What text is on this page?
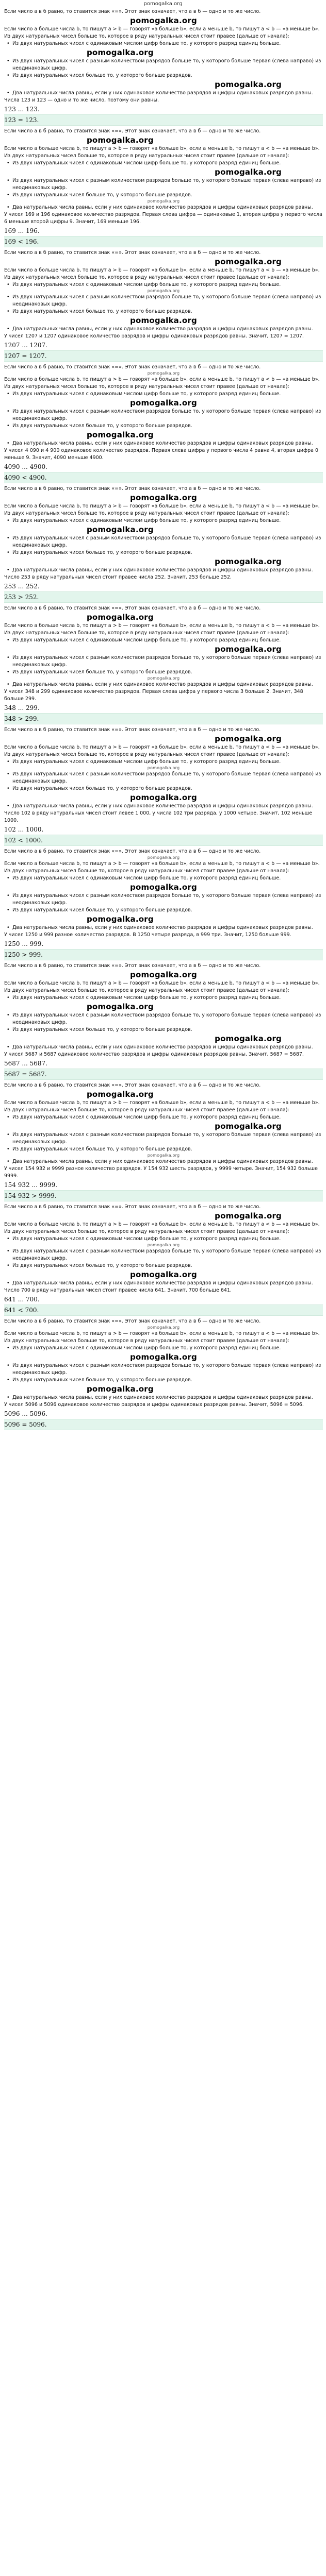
pomogalka.org
Если число a в б равно, то ставится знак «=». Этот знак означает, что a в б — одно и то же число.
pomogalka.org
Если число a больше числа b, то пишут a > b — говорят «a больше b», если a меньше b, то пишут a < b — «a меньше b».
Из двух натуральных чисел больше то, которое в ряду натуральных чисел стоит правее (дальше от начала):
• Из двух натуральных чисел с одинаковым числом цифр больше то, у которого разряд единиц больше.
pomogalka.org
• Из двух натуральных чисел с разным количеством разрядов больше то, у которого больше первая (слева направо) из неодинаковых цифр.
• Из двух натуральных чисел больше то, у которого больше разрядов.
pomogalka.org
• Два натуральных числа равны, если у них одинаковое количество разрядов и цифры одинаковых разрядов равны.
Числа 123 и 123 — одно и то же число, поэтому они равны.
123 ... 123.
123 = 123.
Если число a в б равно, то ставится знак «=». Этот знак означает, что a в б — одно и то же число.
pomogalka.org
Если число a больше числа b, то пишут a > b — говорят «a больше b», если a меньше b, то пишут a < b — «a меньше b».
Из двух натуральных чисел больше то, которое в ряду натуральных чисел стоит правее (дальше от начала):
• Из двух натуральных чисел с одинаковым числом цифр больше то, у которого разряд единиц больше.
pomogalka.org
• Из двух натуральных чисел с разным количеством разрядов больше то, у которого больше первая (слева направо) из неодинаковых цифр.
• Из двух натуральных чисел больше то, у которого больше разрядов.
pomogalka.org
• Два натуральных числа равны, если у них одинаковое количество разрядов и цифры одинаковых разрядов равны.
У чисел 169 и 196 одинаковое количество разрядов. Первая слева цифра — одинаковые 1, вторая цифра у первого числа 6 меньше второй цифры 9. Значит, 169 меньше 196.
169 ... 196.
169 < 196.
Если число a в б равно, то ставится знак «=». Этот знак означает, что a в б — одно и то же число.
pomogalka.org
Если число a больше числа b, то пишут a > b — говорят «a больше b», если a меньше b, то пишут a < b — «a меньше b».
Из двух натуральных чисел больше то, которое в ряду натуральных чисел стоит правее (дальше от начала):
• Из двух натуральных чисел с одинаковым числом цифр больше то, у которого разряд единиц больше.
pomogalka.org
• Из двух натуральных чисел с разным количеством разрядов больше то, у которого больше первая (слева направо) из неодинаковых цифр.
• Из двух натуральных чисел больше то, у которого больше разрядов.
pomogalka.org
• Два натуральных числа равны, если у них одинаковое количество разрядов и цифры одинаковых разрядов равны.
У чисел 1207 и 1207 одинаковое количество разрядов и цифры одинаковых разрядов равны. Значит, 1207 = 1207.
1207 ... 1207.
1207 = 1207.
Если число a в б равно, то ставится знак «=». Этот знак означает, что a в б — одно и то же число.
pomogalka.org
Если число a больше числа b, то пишут a > b — говорят «a больше b», если a меньше b, то пишут a < b — «a меньше b».
Из двух натуральных чисел больше то, которое в ряду натуральных чисел стоит правее (дальше от начала):
• Из двух натуральных чисел с одинаковым числом цифр больше то, у которого разряд единиц больше.
pomogalka.org
• Из двух натуральных чисел с разным количеством разрядов больше то, у которого больше первая (слева направо) из неодинаковых цифр.
• Из двух натуральных чисел больше то, у которого больше разрядов.
pomogalka.org
• Два натуральных числа равны, если у них одинаковое количество разрядов и цифры одинаковых разрядов равны.
У чисел 4 090 и 4 900 одинаковое количество разрядов. Первая слева цифра у первого числа 4 равна 4, вторая цифра 0 меньше 9. Значит, 4090 меньше 4900.
4090 ... 4900.
4090 < 4900.
Если число a в б равно, то ставится знак «=». Этот знак означает, что a в б — одно и то же число.
pomogalka.org
Если число a больше числа b, то пишут a > b — говорят «a больше b», если a меньше b, то пишут a < b — «a меньше b».
Из двух натуральных чисел больше то, которое в ряду натуральных чисел стоит правее (дальше от начала):
• Из двух натуральных чисел с одинаковым числом цифр больше то, у которого разряд единиц больше.
pomogalka.org
• Из двух натуральных чисел с разным количеством разрядов больше то, у которого больше первая (слева направо) из неодинаковых цифр.
• Из двух натуральных чисел больше то, у которого больше разрядов.
pomogalka.org
• Два натуральных числа равны, если у них одинаковое количество разрядов и цифры одинаковых разрядов равны.
Число 253 в ряду натуральных чисел стоит правее числа 252. Значит, 253 больше 252.
253 ... 252.
253 > 252.
Если число a в б равно, то ставится знак «=». Этот знак означает, что a в б — одно и то же число.
pomogalka.org
Если число a больше числа b, то пишут a > b — говорят «a больше b», если a меньше b, то пишут a < b — «a меньше b».
Из двух натуральных чисел больше то, которое в ряду натуральных чисел стоит правее (дальше от начала):
• Из двух натуральных чисел с одинаковым числом цифр больше то, у которого разряд единиц больше.
pomogalka.org
• Из двух натуральных чисел с разным количеством разрядов больше то, у которого больше первая (слева направо) из неодинаковых цифр.
• Из двух натуральных чисел больше то, у которого больше разрядов.
pomogalka.org
• Два натуральных числа равны, если у них одинаковое количество разрядов и цифры одинаковых разрядов равны.
У чисел 348 и 299 одинаковое количество разрядов. Первая слева цифра у первого числа 3 больше 2. Значит, 348 больше 299.
348 ... 299.
348 > 299.
Если число a в б равно, то ставится знак «=». Этот знак означает, что a в б — одно и то же число.
pomogalka.org
Если число a больше числа b, то пишут a > b — говорят «a больше b», если a меньше b, то пишут a < b — «a меньше b».
Из двух натуральных чисел больше то, которое в ряду натуральных чисел стоит правее (дальше от начала):
• Из двух натуральных чисел с одинаковым числом цифр больше то, у которого разряд единиц больше.
pomogalka.org
• Из двух натуральных чисел с разным количеством разрядов больше то, у которого больше первая (слева направо) из неодинаковых цифр.
• Из двух натуральных чисел больше то, у которого больше разрядов.
pomogalka.org
• Два натуральных числа равны, если у них одинаковое количество разрядов и цифры одинаковых разрядов равны.
Число 102 в ряду натуральных чисел стоит левее 1 000, у числа 102 три разряда, у 1000 четыре. Значит, 102 меньше 1000.
102 ... 1000.
102 < 1000.
Если число a в б равно, то ставится знак «=». Этот знак означает, что a в б — одно и то же число.
pomogalka.org
Если число a больше числа b, то пишут a > b — говорят «a больше b», если a меньше b, то пишут a < b — «a меньше b».
Из двух натуральных чисел больше то, которое в ряду натуральных чисел стоит правее (дальше от начала):
• Из двух натуральных чисел с одинаковым числом цифр больше то, у которого разряд единиц больше.
pomogalka.org
• Из двух натуральных чисел с разным количеством разрядов больше то, у которого больше первая (слева направо) из неодинаковых цифр.
• Из двух натуральных чисел больше то, у которого больше разрядов.
pomogalka.org
• Два натуральных числа равны, если у них одинаковое количество разрядов и цифры одинаковых разрядов равны.
У чисел 1250 и 999 разное количество разрядов. В 1250 четыре разряда, в 999 три. Значит, 1250 больше 999.
1250 ... 999.
1250 > 999.
Если число a в б равно, то ставится знак «=». Этот знак означает, что a в б — одно и то же число.
pomogalka.org
Если число a больше числа b, то пишут a > b — говорят «a больше b», если a меньше b, то пишут a < b — «a меньше b».
Из двух натуральных чисел больше то, которое в ряду натуральных чисел стоит правее (дальше от начала):
• Из двух натуральных чисел с одинаковым числом цифр больше то, у которого разряд единиц больше.
pomogalka.org
• Из двух натуральных чисел с разным количеством разрядов больше то, у которого больше первая (слева направо) из неодинаковых цифр.
• Из двух натуральных чисел больше то, у которого больше разрядов.
pomogalka.org
• Два натуральных числа равны, если у них одинаковое количество разрядов и цифры одинаковых разрядов равны.
У чисел 5687 и 5687 одинаковое количество разрядов и цифры одинаковых разрядов равны. Значит, 5687 = 5687.
5687 ... 5687.
5687 = 5687.
Если число a в б равно, то ставится знак «=». Этот знак означает, что a в б — одно и то же число.
pomogalka.org
Если число a больше числа b, то пишут a > b — говорят «a больше b», если a меньше b, то пишут a < b — «a меньше b».
Из двух натуральных чисел больше то, которое в ряду натуральных чисел стоит правее (дальше от начала):
• Из двух натуральных чисел с одинаковым числом цифр больше то, у которого разряд единиц больше.
pomogalka.org
• Из двух натуральных чисел с разным количеством разрядов больше то, у которого больше первая (слева направо) из неодинаковых цифр.
• Из двух натуральных чисел больше то, у которого больше разрядов.
pomogalka.org
• Два натуральных числа равны, если у них одинаковое количество разрядов и цифры одинаковых разрядов равны.
У чисел 154 932 и 9999 разное количество разрядов. У 154 932 шесть разрядов, у 9999 четыре. Значит, 154 932 больше 9999.
154 932 ... 9999.
154 932 > 9999.
Если число a в б равно, то ставится знак «=». Этот знак означает, что a в б — одно и то же число.
pomogalka.org
Если число a больше числа b, то пишут a > b — говорят «a больше b», если a меньше b, то пишут a < b — «a меньше b».
Из двух натуральных чисел больше то, которое в ряду натуральных чисел стоит правее (дальше от начала):
• Из двух натуральных чисел с одинаковым числом цифр больше то, у которого разряд единиц больше.
pomogalka.org
• Из двух натуральных чисел с разным количеством разрядов больше то, у которого больше первая (слева направо) из неодинаковых цифр.
• Из двух натуральных чисел больше то, у которого больше разрядов.
pomogalka.org
• Два натуральных числа равны, если у них одинаковое количество разрядов и цифры одинаковых разрядов равны.
Число 700 в ряду натуральных чисел стоит правее числа 641. Значит, 700 больше 641.
641 ... 700.
641 < 700.
Если число a в б равно, то ставится знак «=». Этот знак означает, что a в б — одно и то же число.
pomogalka.org
Если число a больше числа b, то пишут a > b — говорят «a больше b», если a меньше b, то пишут a < b — «a меньше b».
Из двух натуральных чисел больше то, которое в ряду натуральных чисел стоит правее (дальше от начала):
• Из двух натуральных чисел с одинаковым числом цифр больше то, у которого разряд единиц больше.
pomogalka.org
• Из двух натуральных чисел с разным количеством разрядов больше то, у которого больше первая (слева направо) из неодинаковых цифр.
• Из двух натуральных чисел больше то, у которого больше разрядов.
pomogalka.org
• Два натуральных числа равны, если у них одинаковое количество разрядов и цифры одинаковых разрядов равны.
У чисел 5096 и 5096 одинаковое количество разрядов и цифры одинаковых разрядов равны. Значит, 5096 = 5096.
5096 ... 5096.
5096 = 5096.
